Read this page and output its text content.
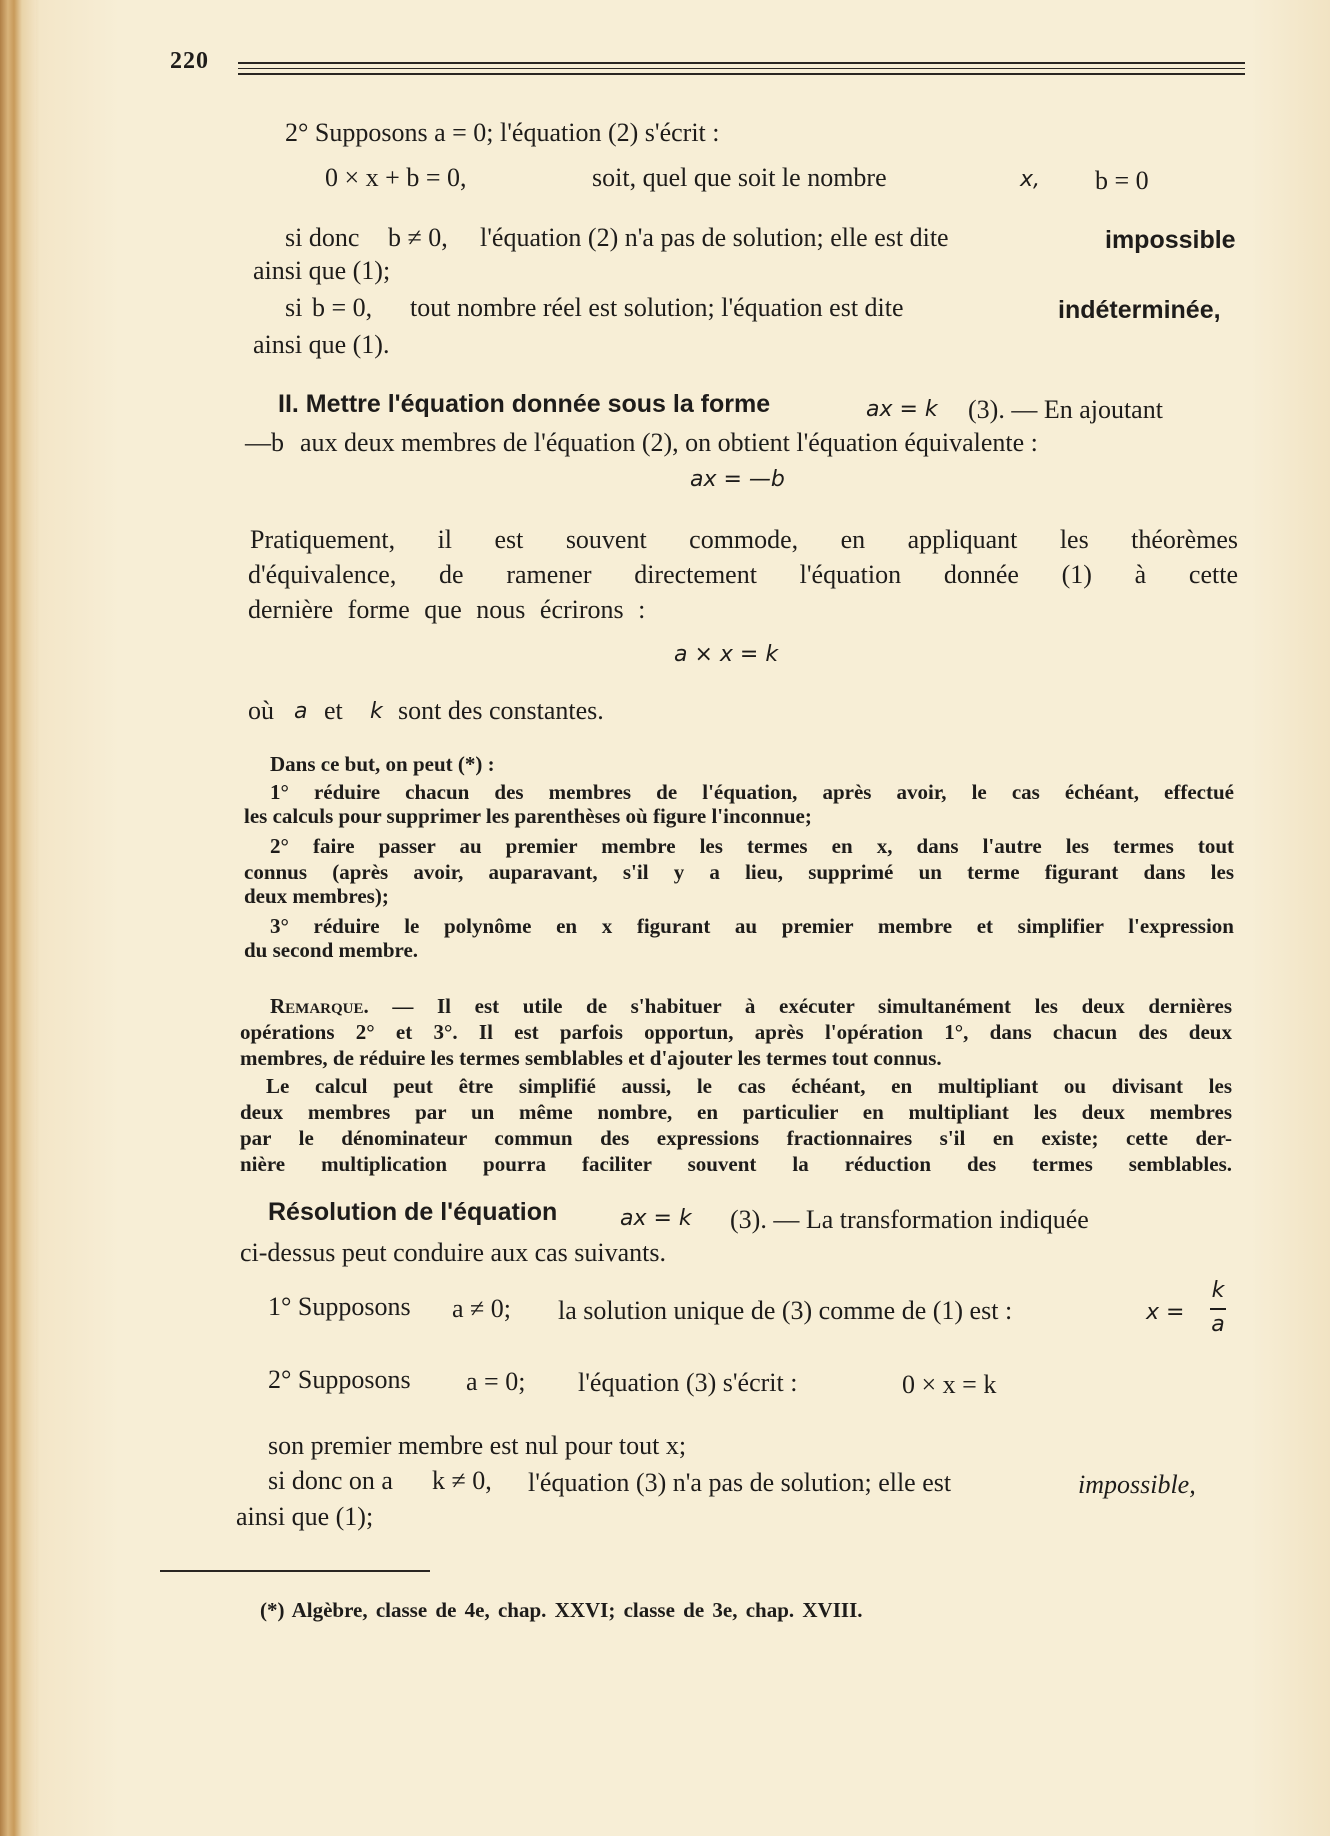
220
2° Supposons a = 0; l'équation (2) s'écrit :
0 × x + b = 0,	soit, quel que soit le nombre	x, b = 0
si donc b ≠ 0, l'équation (2) n'a pas de solution; elle est dite	impossible
ainsi que (1);
si b = 0, tout nombre réel est solution; l'équation est dite	indéterminée,
ainsi que (1).
II. Mettre l'équation donnée sous la forme	ax = k (3). — En ajoutant
—b aux deux membres de l'équation (2), on obtient l'équation équivalente :
ax = —b
Pratiquement, il est souvent commode, en appliquant les théorèmes
d'équivalence, de ramener directement l'équation donnée (1) à cette
dernière forme que nous écrirons :
a × x = k
où a et k sont des constantes.
Dans ce but, on peut (*) :
1° réduire chacun des membres de l'équation, après avoir, le cas échéant, effectué
les calculs pour supprimer les parenthèses où figure l'inconnue;
2° faire passer au premier membre les termes en x, dans l'autre les termes tout
connus (après avoir, auparavant, s'il y a lieu, supprimé un terme figurant dans les
deux membres);
3° réduire le polynôme en x figurant au premier membre et simplifier l'expression
du second membre.
Remarque. — Il est utile de s'habituer à exécuter simultanément les deux dernières
opérations 2° et 3°. Il est parfois opportun, après l'opération 1°, dans chacun des deux
membres, de réduire les termes semblables et d'ajouter les termes tout connus.
Le calcul peut être simplifié aussi, le cas échéant, en multipliant ou divisant les
deux membres par un même nombre, en particulier en multipliant les deux membres
par le dénominateur commun des expressions fractionnaires s'il en existe; cette der-
nière multiplication pourra faciliter souvent la réduction des termes semblables.
Résolution de l'équation	ax = k (3). — La transformation indiquée
ci-dessus peut conduire aux cas suivants.
1° Supposons a ≠ 0; la solution unique de (3) comme de (1) est :	x =
k
a
2° Supposons a = 0; l'équation (3) s'écrit :	0 × x = k
son premier membre est nul pour tout x;
si donc on a k ≠ 0, l'équation (3) n'a pas de solution; elle est	impossible,
ainsi que (1);
(*) Algèbre, classe de 4e, chap. XXVI; classe de 3e, chap. XVIII.
